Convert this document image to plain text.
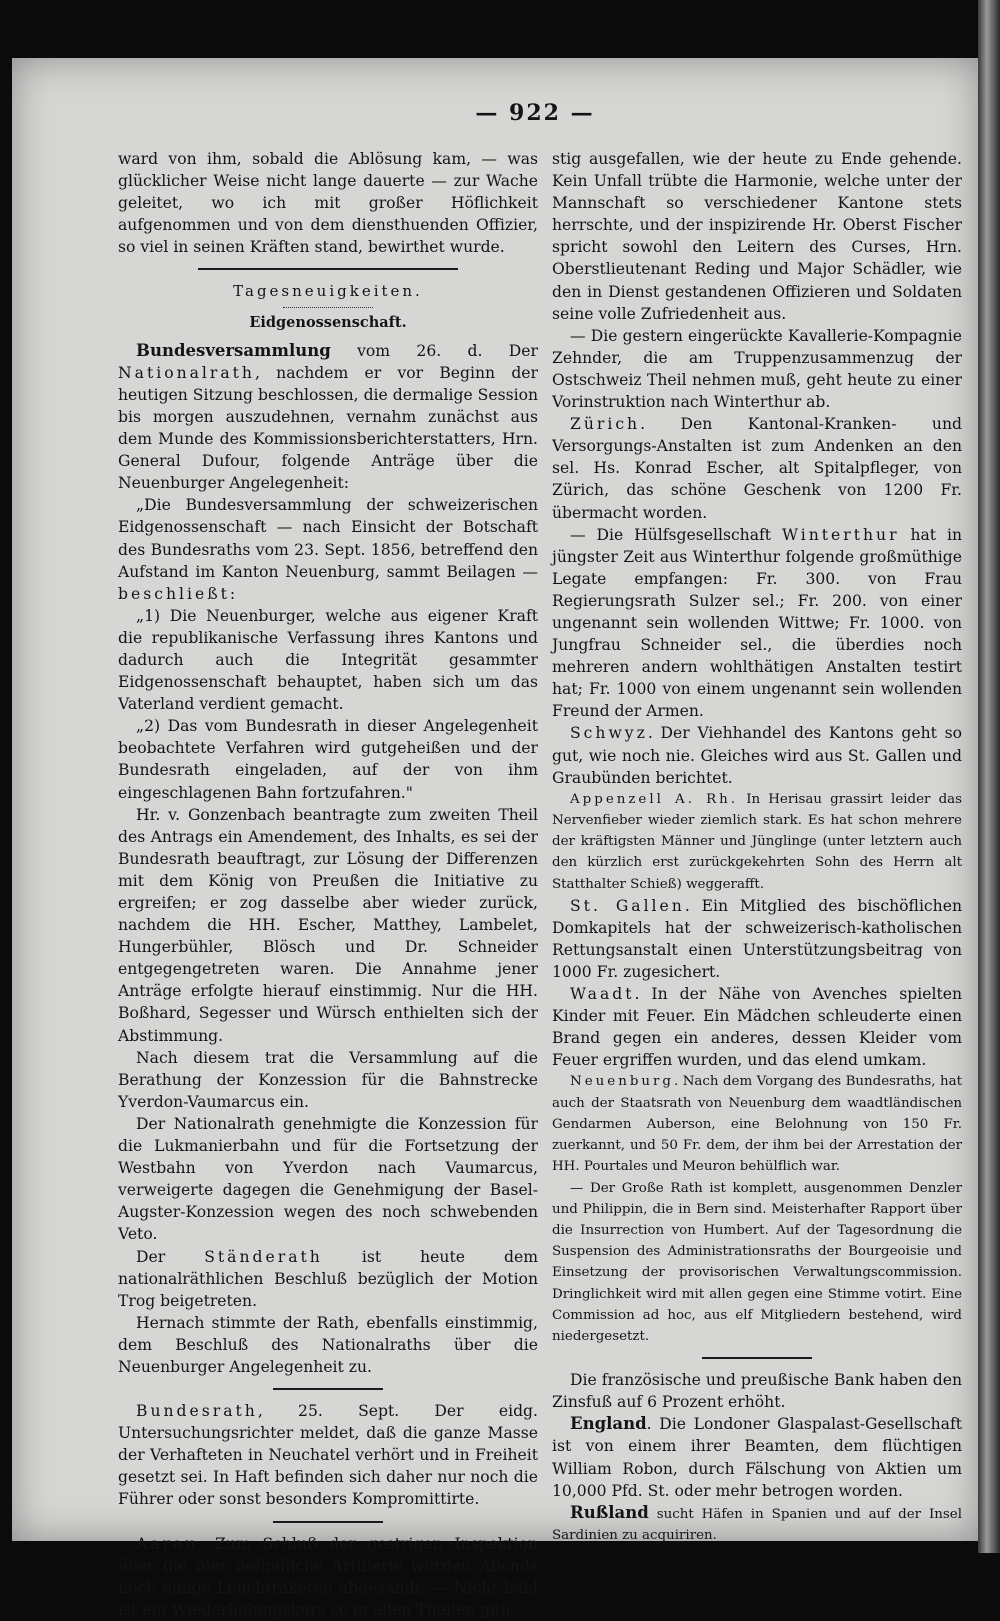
— 922 —

ward von ihm, sobald die Ablösung kam, — was glücklicher Weise nicht lange dauerte — zur Wache geleitet, wo ich mit großer Höflichkeit aufgenommen und von dem diensthuenden Offizier, so viel in seinen Kräften stand, bewirthet wurde.

Tagesneuigkeiten.
Eidgenossenschaft.

Bundesversammlung vom 26. d. Der Nationalrath, nachdem er vor Beginn der heutigen Sitzung beschlossen, die dermalige Session bis morgen auszudehnen, vernahm zunächst aus dem Munde des Kommissionsberichterstatters, Hrn. General Dufour, folgende Anträge über die Neuenburger Angelegenheit:

„Die Bundesversammlung der schweizerischen Eidgenossenschaft — nach Einsicht der Botschaft des Bundesraths vom 23. Sept. 1856, betreffend den Aufstand im Kanton Neuenburg, sammt Beilagen — beschließt:

„1) Die Neuenburger, welche aus eigener Kraft die republikanische Verfassung ihres Kantons und dadurch auch die Integrität gesammter Eidgenossenschaft behauptet, haben sich um das Vaterland verdient gemacht.

„2) Das vom Bundesrath in dieser Angelegenheit beobachtete Verfahren wird gutgeheißen und der Bundesrath eingeladen, auf der von ihm eingeschlagenen Bahn fortzufahren."

Hr. v. Gonzenbach beantragte zum zweiten Theil des Antrags ein Amendement, des Inhalts, es sei der Bundesrath beauftragt, zur Lösung der Differenzen mit dem König von Preußen die Initiative zu ergreifen; er zog dasselbe aber wieder zurück, nachdem die HH. Escher, Matthey, Lambelet, Hungerbühler, Blösch und Dr. Schneider entgegengetreten waren. Die Annahme jener Anträge erfolgte hierauf einstimmig. Nur die HH. Boßhard, Segesser und Würsch enthielten sich der Abstimmung.

Nach diesem trat die Versammlung auf die Berathung der Konzession für die Bahnstrecke Yverdon-Vaumarcus ein.

Der Nationalrath genehmigte die Konzession für die Lukmanierbahn und für die Fortsetzung der Westbahn von Yverdon nach Vaumarcus, verweigerte dagegen die Genehmigung der Basel-Augster-Konzession wegen des noch schwebenden Veto.

Der Ständerath ist heute dem nationalräthlichen Beschluß bezüglich der Motion Trog beigetreten.

Hernach stimmte der Rath, ebenfalls einstimmig, dem Beschluß des Nationalraths über die Neuenburger Angelegenheit zu.

Bundesrath, 25. Sept. Der eidg. Untersuchungsrichter meldet, daß die ganze Masse der Verhafteten in Neuchatel verhört und in Freiheit gesetzt sei. In Haft befinden sich daher nur noch die Führer oder sonst besonders Kompromittirte.

Aarau. Zum Schluß der gestrigen Inspektion über die hier befindliche Artillerie wurden Abends noch einige Leuchtraketen abgesandt. — Nicht bald ist ein Wiederholungskurs so in allen Theilen gün-

stig ausgefallen, wie der heute zu Ende gehende. Kein Unfall trübte die Harmonie, welche unter der Mannschaft so verschiedener Kantone stets herrschte, und der inspizirende Hr. Oberst Fischer spricht sowohl den Leitern des Curses, Hrn. Oberstlieutenant Reding und Major Schädler, wie den in Dienst gestandenen Offizieren und Soldaten seine volle Zufriedenheit aus.

— Die gestern eingerückte Kavallerie-Kompagnie Zehnder, die am Truppenzusammenzug der Ostschweiz Theil nehmen muß, geht heute zu einer Vorinstruktion nach Winterthur ab.

Zürich. Den Kantonal-Kranken- und Versorgungs-Anstalten ist zum Andenken an den sel. Hs. Konrad Escher, alt Spitalpfleger, von Zürich, das schöne Geschenk von 1200 Fr. übermacht worden.

— Die Hülfsgesellschaft Winterthur hat in jüngster Zeit aus Winterthur folgende großmüthige Legate empfangen: Fr. 300. von Frau Regierungsrath Sulzer sel.; Fr. 200. von einer ungenannt sein wollenden Wittwe; Fr. 1000. von Jungfrau Schneider sel., die überdies noch mehreren andern wohlthätigen Anstalten testirt hat; Fr. 1000 von einem ungenannt sein wollenden Freund der Armen.

Schwyz. Der Viehhandel des Kantons geht so gut, wie noch nie. Gleiches wird aus St. Gallen und Graubünden berichtet.

Appenzell A. Rh. In Herisau grassirt leider das Nervenfieber wieder ziemlich stark. Es hat schon mehrere der kräftigsten Männer und Jünglinge (unter letztern auch den kürzlich erst zurückgekehrten Sohn des Herrn alt Statthalter Schieß) weggerafft.

St. Gallen. Ein Mitglied des bischöflichen Domkapitels hat der schweizerisch-katholischen Rettungsanstalt einen Unterstützungsbeitrag von 1000 Fr. zugesichert.

Waadt. In der Nähe von Avenches spielten Kinder mit Feuer. Ein Mädchen schleuderte einen Brand gegen ein anderes, dessen Kleider vom Feuer ergriffen wurden, und das elend umkam.

Neuenburg. Nach dem Vorgang des Bundesraths, hat auch der Staatsrath von Neuenburg dem waadtländischen Gendarmen Auberson, eine Belohnung von 150 Fr. zuerkannt, und 50 Fr. dem, der ihm bei der Arrestation der HH. Pourtales und Meuron behülflich war.

— Der Große Rath ist komplett, ausgenommen Denzler und Philippin, die in Bern sind. Meisterhafter Rapport über die Insurrection von Humbert. Auf der Tagesordnung die Suspension des Administrationsraths der Bourgeoisie und Einsetzung der provisorischen Verwaltungscommission. Dringlichkeit wird mit allen gegen eine Stimme votirt. Eine Commission ad hoc, aus elf Mitgliedern bestehend, wird niedergesetzt.

Die französische und preußische Bank haben den Zinsfuß auf 6 Prozent erhöht.

England. Die Londoner Glaspalast-Gesellschaft ist von einem ihrer Beamten, dem flüchtigen William Robon, durch Fälschung von Aktien um 10,000 Pfd. St. oder mehr betrogen worden.

Rußland sucht Häfen in Spanien und auf der Insel Sardinien zu acquiriren.
